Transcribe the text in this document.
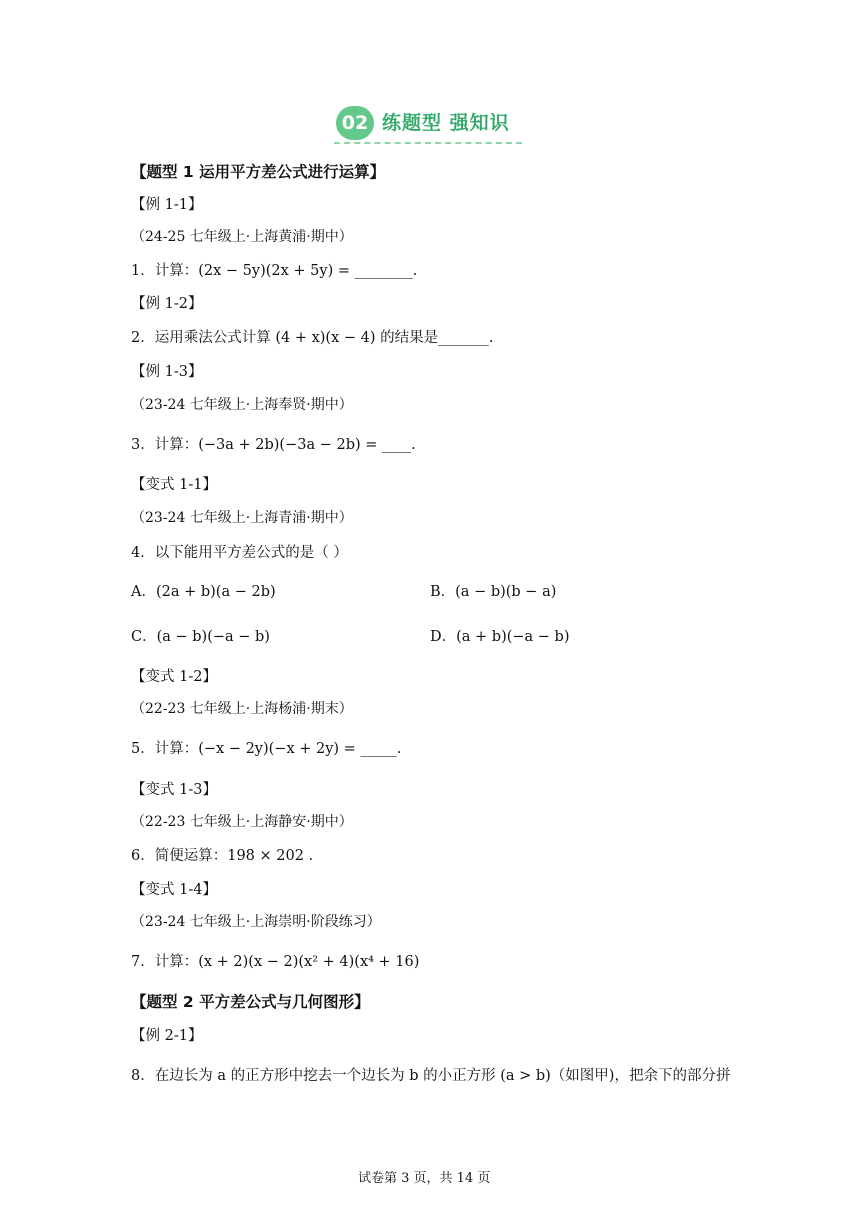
02 练题型 强知识
【题型 1 运用平方差公式进行运算】
【例 1-1】
（24-25 七年级上·上海黄浦·期中）
1．计算：(2x − 5y)(2x + 5y) = ________.
【例 1-2】
2．运用乘法公式计算 (4 + x)(x − 4) 的结果是_______.
【例 1-3】
（23-24 七年级上·上海奉贤·期中）
3．计算：(−3a + 2b)(−3a − 2b) = ____.
【变式 1-1】
（23-24 七年级上·上海青浦·期中）
4．以下能用平方差公式的是（ ）
A．(2a + b)(a − 2b)	B．(a − b)(b − a)
C．(a − b)(−a − b)	D．(a + b)(−a − b)
【变式 1-2】
（22-23 七年级上·上海杨浦·期末）
5．计算：(−x − 2y)(−x + 2y) = _____.
【变式 1-3】
（22-23 七年级上·上海静安·期中）
6．简便运算：198 × 202 .
【变式 1-4】
（23-24 七年级上·上海崇明·阶段练习）
7．计算：(x + 2)(x − 2)(x² + 4)(x⁴ + 16)
【题型 2 平方差公式与几何图形】
【例 2-1】
8．在边长为 a 的正方形中挖去一个边长为 b 的小正方形 (a > b)（如图甲)，把余下的部分拼
试卷第 3 页，共 14 页
